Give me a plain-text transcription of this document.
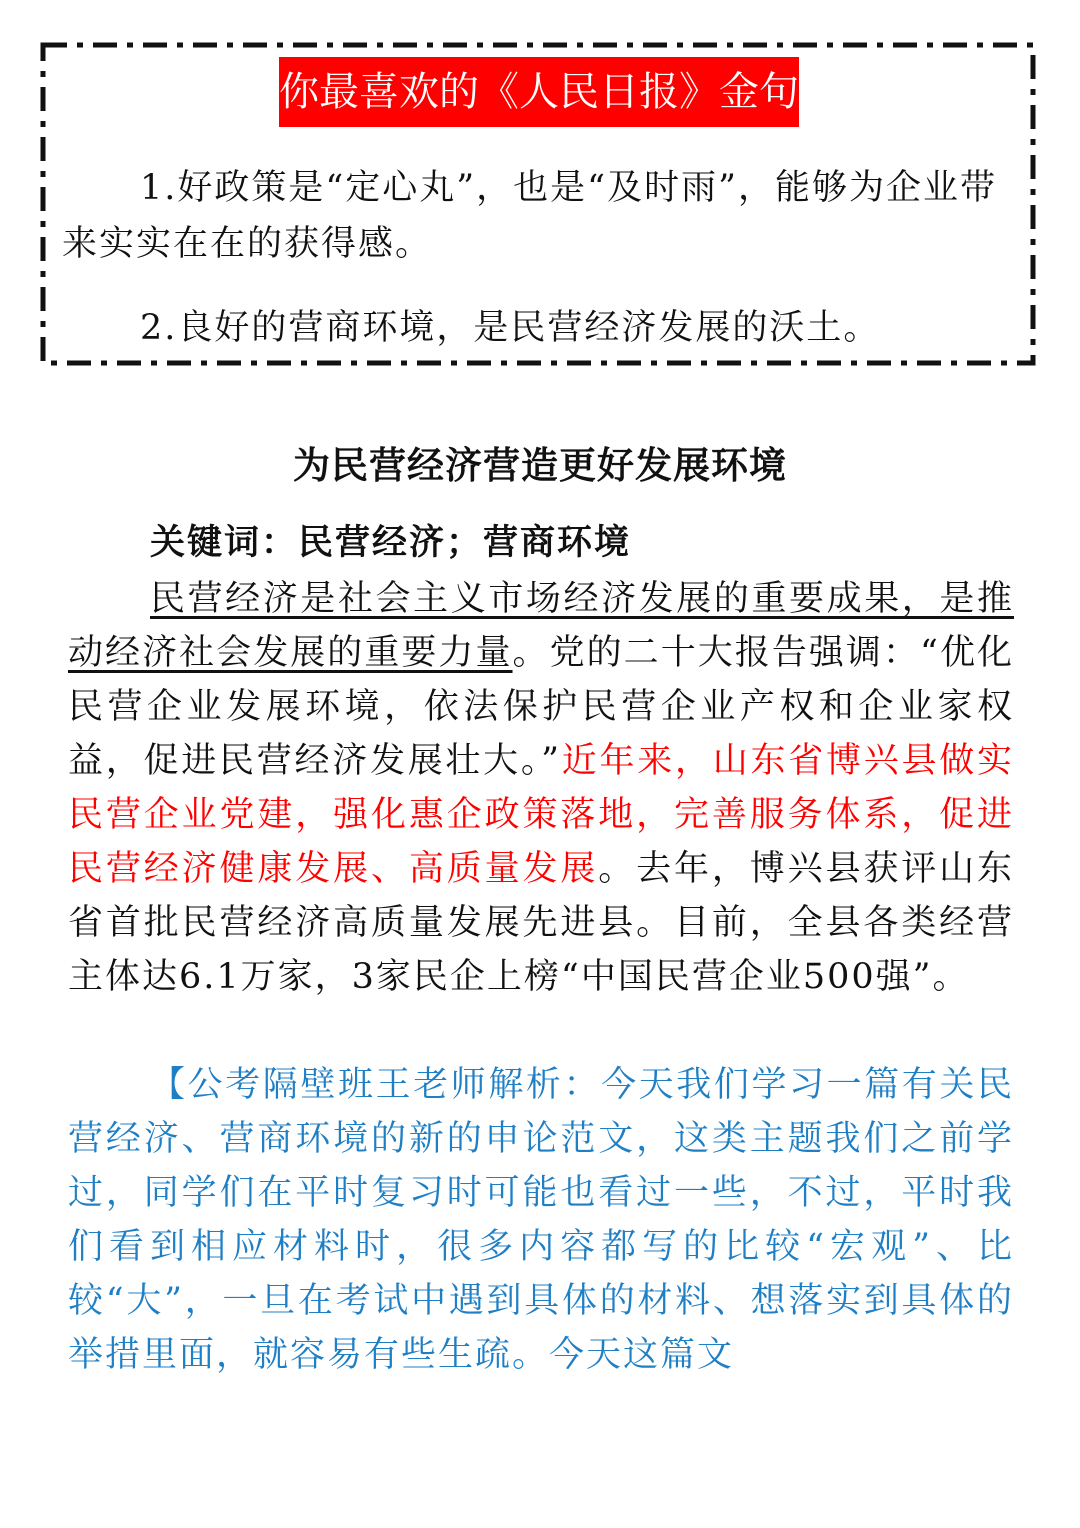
你最喜欢的《人民日报》金句

1.好政策是“定心丸”，也是“及时雨”，能够为企业带来实实在在的获得感。

2.良好的营商环境，是民营经济发展的沃土。

为民营经济营造更好发展环境
关键词：民营经济；营商环境

民营经济是社会主义市场经济发展的重要成果，是推动经济社会发展的重要力量。党的二十大报告强调：“优化民营企业发展环境，依法保护民营企业产权和企业家权益，促进民营经济发展壮大。”近年来，山东省博兴县做实民营企业党建，强化惠企政策落地，完善服务体系，促进民营经济健康发展、高质量发展。去年，博兴县获评山东省首批民营经济高质量发展先进县。目前，全县各类经营主体达6.1万家，3家民企上榜“中国民营企业500强”。

【公考隔壁班王老师解析：今天我们学习一篇有关民营经济、营商环境的新的申论范文，这类主题我们之前学过，同学们在平时复习时可能也看过一些，不过，平时我们看到相应材料时，很多内容都写的比较“宏观”、比较“大”，一旦在考试中遇到具体的材料、想落实到具体的举措里面，就容易有些生疏。今天这篇文
